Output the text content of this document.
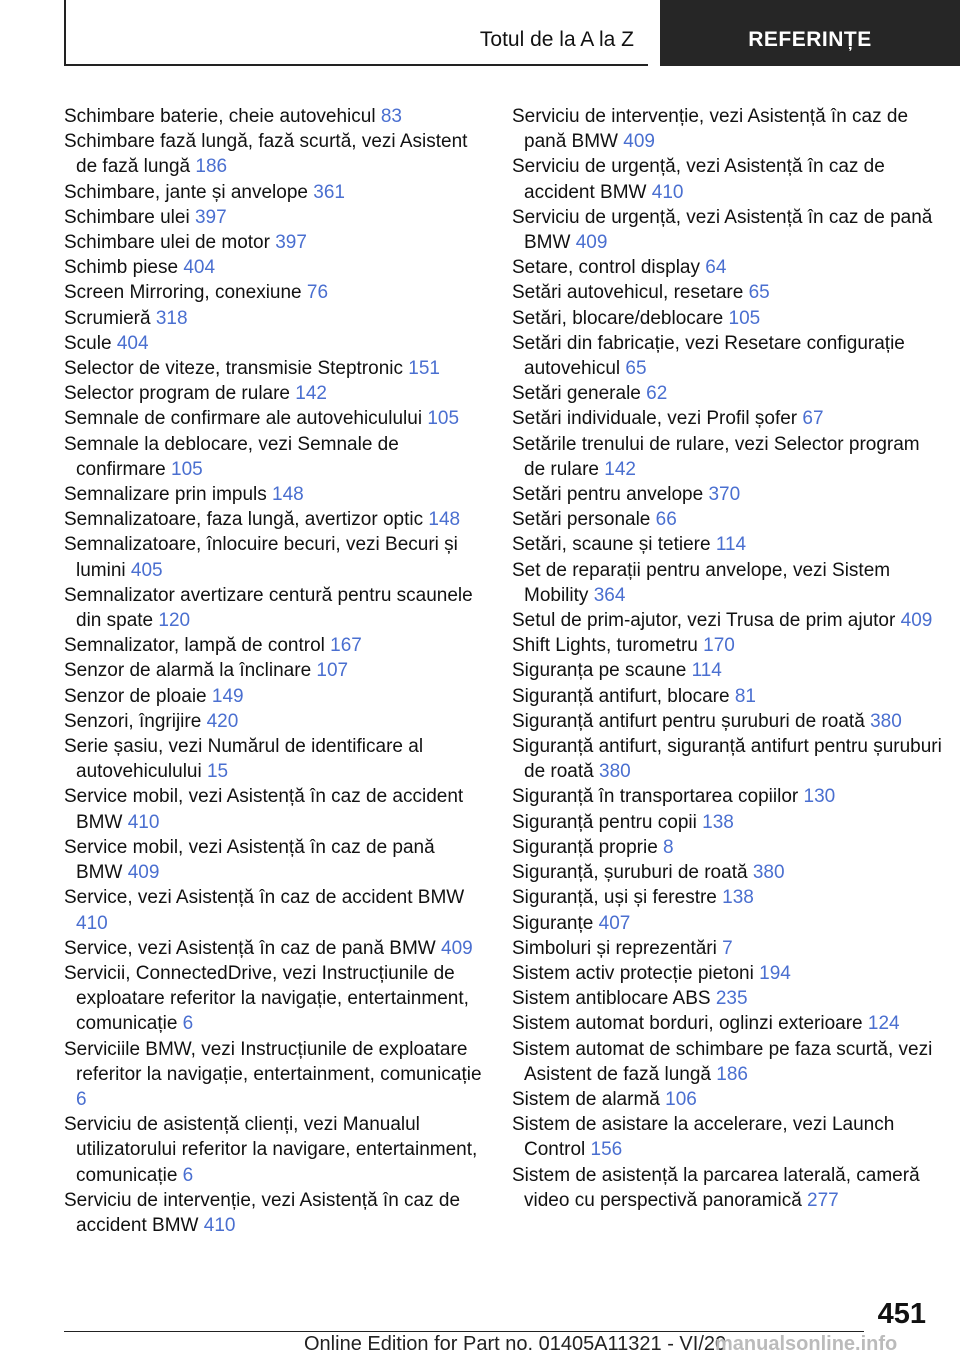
Totul de la A la Z	REFERINȚE
Schimbare baterie, cheie autovehicul 83
Schimbare fază lungă, fază scurtă, vezi Asistent de fază lungă 186
Schimbare, jante și anvelope 361
Schimbare ulei 397
Schimbare ulei de motor 397
Schimb piese 404
Screen Mirroring, conexiune 76
Scrumieră 318
Scule 404
Selector de viteze, transmisie Steptronic 151
Selector program de rulare 142
Semnale de confirmare ale autovehiculului 105
Semnale la deblocare, vezi Semnale de confirmare 105
Semnalizare prin impuls 148
Semnalizatoare, faza lungă, avertizor optic 148
Semnalizatoare, înlocuire becuri, vezi Becuri și lumini 405
Semnalizator avertizare centură pentru scaunele din spate 120
Semnalizator, lampă de control 167
Senzor de alarmă la înclinare 107
Senzor de ploaie 149
Senzori, îngrijire 420
Serie șasiu, vezi Numărul de identificare al autovehiculului 15
Service mobil, vezi Asistență în caz de accident BMW 410
Service mobil, vezi Asistență în caz de pană BMW 409
Service, vezi Asistență în caz de accident BMW 410
Service, vezi Asistență în caz de pană BMW 409
Servicii, ConnectedDrive, vezi Instrucțiunile de exploatare referitor la navigație, entertainment, comunicație 6
Serviciile BMW, vezi Instrucțiunile de exploatare referitor la navigație, entertainment, comunicație 6
Serviciu de asistență clienți, vezi Manualul utilizatorului referitor la navigare, entertainment, comunicație 6
Serviciu de intervenție, vezi Asistență în caz de accident BMW 410
Serviciu de intervenție, vezi Asistență în caz de pană BMW 409
Serviciu de urgență, vezi Asistență în caz de accident BMW 410
Serviciu de urgență, vezi Asistență în caz de pană BMW 409
Setare, control display 64
Setări autovehicul, resetare 65
Setări, blocare/deblocare 105
Setări din fabricație, vezi Resetare configurație autovehicul 65
Setări generale 62
Setări individuale, vezi Profil șofer 67
Setările trenului de rulare, vezi Selector program de rulare 142
Setări pentru anvelope 370
Setări personale 66
Setări, scaune și tetiere 114
Set de reparații pentru anvelope, vezi Sistem Mobility 364
Setul de prim-ajutor, vezi Trusa de prim ajutor 409
Shift Lights, turometru 170
Siguranța pe scaune 114
Siguranță antifurt, blocare 81
Siguranță antifurt pentru șuruburi de roată 380
Siguranță antifurt, siguranță antifurt pentru șuruburi de roată 380
Siguranță în transportarea copiilor 130
Siguranță pentru copii 138
Siguranță proprie 8
Siguranță, șuruburi de roată 380
Siguranță, uși și ferestre 138
Siguranțe 407
Simboluri și reprezentări 7
Sistem activ protecție pietoni 194
Sistem antiblocare ABS 235
Sistem automat borduri, oglinzi exterioare 124
Sistem automat de schimbare pe faza scurtă, vezi Asistent de fază lungă 186
Sistem de alarmă 106
Sistem de asistare la accelerare, vezi Launch Control 156
Sistem de asistență la parcarea laterală, cameră video cu perspectivă panoramică 277
451
Online Edition for Part no. 01405A11321 - VI/20
manualsonline.info
